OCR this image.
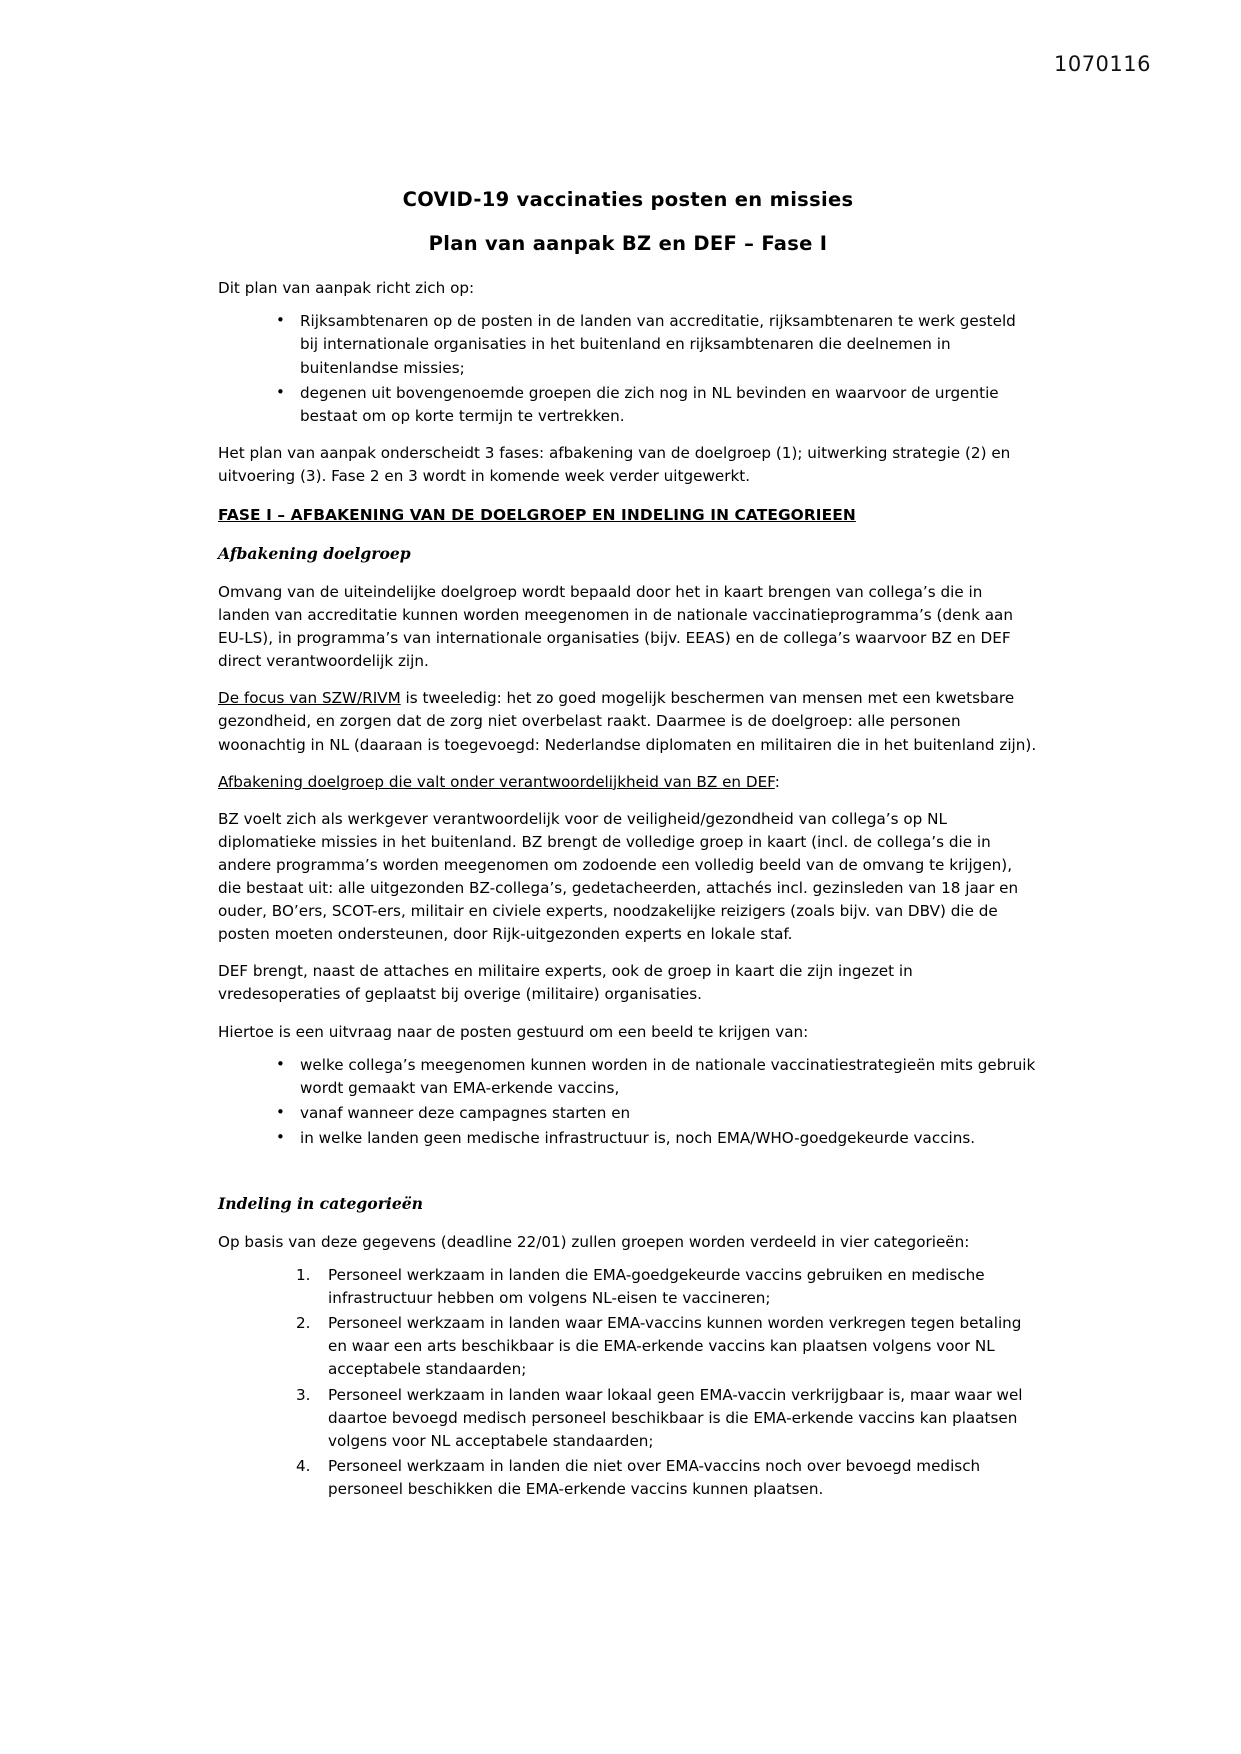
1070116
COVID-19 vaccinaties posten en missies
Plan van aanpak BZ en DEF – Fase I

Dit plan van aanpak richt zich op:

• Rijksambtenaren op de posten in de landen van accreditatie, rijksambtenaren te werk gesteld bij internationale organisaties in het buitenland en rijksambtenaren die deelnemen in buitenlandse missies;
• degenen uit bovengenoemde groepen die zich nog in NL bevinden en waarvoor de urgentie bestaat om op korte termijn te vertrekken.

Het plan van aanpak onderscheidt 3 fases: afbakening van de doelgroep (1); uitwerking strategie (2) en uitvoering (3). Fase 2 en 3 wordt in komende week verder uitgewerkt.

FASE I – AFBAKENING VAN DE DOELGROEP EN INDELING IN CATEGORIEEN
Afbakening doelgroep

Omvang van de uiteindelijke doelgroep wordt bepaald door het in kaart brengen van collega’s die in landen van accreditatie kunnen worden meegenomen in de nationale vaccinatieprogramma’s (denk aan EU-LS), in programma’s van internationale organisaties (bijv. EEAS) en de collega’s waarvoor BZ en DEF direct verantwoordelijk zijn.

De focus van SZW/RIVM is tweeledig: het zo goed mogelijk beschermen van mensen met een kwetsbare gezondheid, en zorgen dat de zorg niet overbelast raakt. Daarmee is de doelgroep: alle personen woonachtig in NL (daaraan is toegevoegd: Nederlandse diplomaten en militairen die in het buitenland zijn).

Afbakening doelgroep die valt onder verantwoordelijkheid van BZ en DEF:

BZ voelt zich als werkgever verantwoordelijk voor de veiligheid/gezondheid van collega’s op NL diplomatieke missies in het buitenland. BZ brengt de volledige groep in kaart (incl. de collega’s die in andere programma’s worden meegenomen om zodoende een volledig beeld van de omvang te krijgen), die bestaat uit: alle uitgezonden BZ-collega’s, gedetacheerden, attachés incl. gezinsleden van 18 jaar en ouder, BO’ers, SCOT-ers, militair en civiele experts, noodzakelijke reizigers (zoals bijv. van DBV) die de posten moeten ondersteunen, door Rijk-uitgezonden experts en lokale staf.

DEF brengt, naast de attaches en militaire experts, ook de groep in kaart die zijn ingezet in vredesoperaties of geplaatst bij overige (militaire) organisaties.

Hiertoe is een uitvraag naar de posten gestuurd om een beeld te krijgen van:

• welke collega’s meegenomen kunnen worden in de nationale vaccinatiestrategieën mits gebruik wordt gemaakt van EMA-erkende vaccins,
• vanaf wanneer deze campagnes starten en
• in welke landen geen medische infrastructuur is, noch EMA/WHO-goedgekeurde vaccins.
Indeling in categorieën

Op basis van deze gegevens (deadline 22/01) zullen groepen worden verdeeld in vier categorieën:

Personeel werkzaam in landen die EMA-goedgekeurde vaccins gebruiken en medische infrastructuur hebben om volgens NL-eisen te vaccineren;
Personeel werkzaam in landen waar EMA-vaccins kunnen worden verkregen tegen betaling en waar een arts beschikbaar is die EMA-erkende vaccins kan plaatsen volgens voor NL acceptabele standaarden;
Personeel werkzaam in landen waar lokaal geen EMA-vaccin verkrijgbaar is, maar waar wel daartoe bevoegd medisch personeel beschikbaar is die EMA-erkende vaccins kan plaatsen volgens voor NL acceptabele standaarden;
Personeel werkzaam in landen die niet over EMA-vaccins noch over bevoegd medisch personeel beschikken die EMA-erkende vaccins kunnen plaatsen.
